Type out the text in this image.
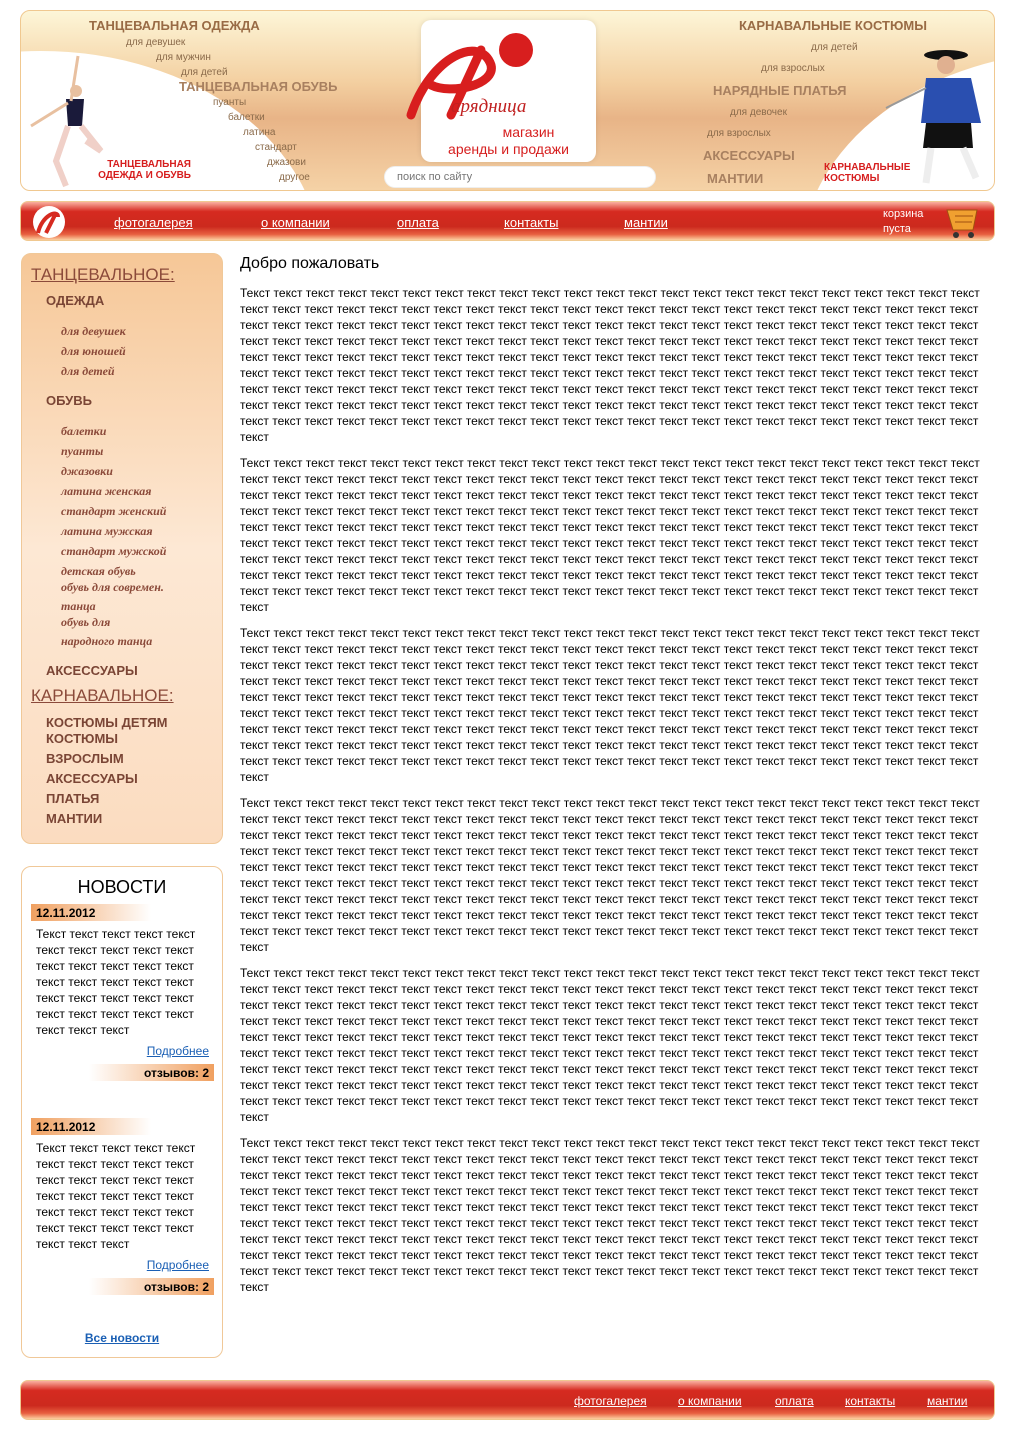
ТАНЦЕВАЛЬНАЯ ОДЕЖДА
для девушек
для мужчин
для детей
ТАНЦЕВАЛЬНАЯ ОБУВЬ
пуанты
балетки
латина
стандарт
джазови
другое
ТАНЦЕВАЛЬНАЯ ОДЕЖДА И ОБУВЬ
арядница
магазин
аренды и продажи
поиск по сайту
КАРНАВАЛЬНЫЕ КОСТЮМЫ
для детей
для взрослых
НАРЯДНЫЕ ПЛАТЬЯ
для девочек
для взрослых
АКСЕССУАРЫ
МАНТИИ
КАРНАВАЛЬНЫЕ КОСТЮМЫ
фотогалерея	о компании	оплата	контакты	мантии
корзина
пуста
ТАНЦЕВАЛЬНОЕ:
ОДЕЖДА
для девушек
для юношей
для детей
ОБУВЬ
балетки
пуанты
джазовки
латина женская
стандарт женский
латина мужская
стандарт мужской
детская обувь
обувь для современ.
танца
обувь для
народного танца
АКСЕССУАРЫ
КАРНАВАЛЬНОЕ:
КОСТЮМЫ ДЕТЯМ
КОСТЮМЫ
ВЗРОСЛЫМ
АКСЕССУАРЫ
ПЛАТЬЯ
МАНТИИ
НОВОСТИ
12.11.2012
Текст текст текст текст текст текст текст текст текст текст текст текст текст текст текст текст текст текст текст текст текст текст текст текст текст текст текст текст текст текст текст текст текст
Подробнее
отзывов: 2
12.11.2012
Текст текст текст текст текст текст текст текст текст текст текст текст текст текст текст текст текст текст текст текст текст текст текст текст текст текст текст текст текст текст текст текст текст
Подробнее
отзывов: 2
Все новости
Добро пожаловать

Текст текст текст текст текст текст текст текст текст текст текст текст текст текст текст текст текст текст текст текст текст текст текст текст текст текст текст текст текст текст текст текст текст текст текст текст текст текст текст текст текст текст текст текст текст текст текст текст текст текст текст текст текст текст текст текст текст текст текст текст текст текст текст текст текст текст текст текст текст текст текст текст текст текст текст текст текст текст текст текст текст текст текст текст текст текст текст текст текст текст текст текст текст текст текст текст текст текст текст текст текст текст текст текст текст текст текст текст текст текст текст текст текст текст текст текст текст текст текст текст текст текст текст текст текст текст текст текст текст текст текст текст текст текст текст текст текст текст текст текст текст текст текст текст текст текст текст текст текст текст текст текст текст текст текст текст текст текст текст текст текст текст текст текст текст текст текст текст текст текст текст текст текст текст текст текст текст текст текст текст текст текст текст текст текст текст текст текст текст текст текст текст текст текст текст текст текст текст текст текст текст текст текст текст текст текст текст текст

Текст текст текст текст текст текст текст текст текст текст текст текст текст текст текст текст текст текст текст текст текст текст текст текст текст текст текст текст текст текст текст текст текст текст текст текст текст текст текст текст текст текст текст текст текст текст текст текст текст текст текст текст текст текст текст текст текст текст текст текст текст текст текст текст текст текст текст текст текст текст текст текст текст текст текст текст текст текст текст текст текст текст текст текст текст текст текст текст текст текст текст текст текст текст текст текст текст текст текст текст текст текст текст текст текст текст текст текст текст текст текст текст текст текст текст текст текст текст текст текст текст текст текст текст текст текст текст текст текст текст текст текст текст текст текст текст текст текст текст текст текст текст текст текст текст текст текст текст текст текст текст текст текст текст текст текст текст текст текст текст текст текст текст текст текст текст текст текст текст текст текст текст текст текст текст текст текст текст текст текст текст текст текст текст текст текст текст текст текст текст текст текст текст текст текст текст текст текст текст текст текст текст текст текст текст текст текст текст

Текст текст текст текст текст текст текст текст текст текст текст текст текст текст текст текст текст текст текст текст текст текст текст текст текст текст текст текст текст текст текст текст текст текст текст текст текст текст текст текст текст текст текст текст текст текст текст текст текст текст текст текст текст текст текст текст текст текст текст текст текст текст текст текст текст текст текст текст текст текст текст текст текст текст текст текст текст текст текст текст текст текст текст текст текст текст текст текст текст текст текст текст текст текст текст текст текст текст текст текст текст текст текст текст текст текст текст текст текст текст текст текст текст текст текст текст текст текст текст текст текст текст текст текст текст текст текст текст текст текст текст текст текст текст текст текст текст текст текст текст текст текст текст текст текст текст текст текст текст текст текст текст текст текст текст текст текст текст текст текст текст текст текст текст текст текст текст текст текст текст текст текст текст текст текст текст текст текст текст текст текст текст текст текст текст текст текст текст текст текст текст текст текст текст текст текст текст текст текст текст текст текст текст текст текст текст текст текст

Текст текст текст текст текст текст текст текст текст текст текст текст текст текст текст текст текст текст текст текст текст текст текст текст текст текст текст текст текст текст текст текст текст текст текст текст текст текст текст текст текст текст текст текст текст текст текст текст текст текст текст текст текст текст текст текст текст текст текст текст текст текст текст текст текст текст текст текст текст текст текст текст текст текст текст текст текст текст текст текст текст текст текст текст текст текст текст текст текст текст текст текст текст текст текст текст текст текст текст текст текст текст текст текст текст текст текст текст текст текст текст текст текст текст текст текст текст текст текст текст текст текст текст текст текст текст текст текст текст текст текст текст текст текст текст текст текст текст текст текст текст текст текст текст текст текст текст текст текст текст текст текст текст текст текст текст текст текст текст текст текст текст текст текст текст текст текст текст текст текст текст текст текст текст текст текст текст текст текст текст текст текст текст текст текст текст текст текст текст текст текст текст текст текст текст текст текст текст текст текст текст текст текст текст текст текст текст текст

Текст текст текст текст текст текст текст текст текст текст текст текст текст текст текст текст текст текст текст текст текст текст текст текст текст текст текст текст текст текст текст текст текст текст текст текст текст текст текст текст текст текст текст текст текст текст текст текст текст текст текст текст текст текст текст текст текст текст текст текст текст текст текст текст текст текст текст текст текст текст текст текст текст текст текст текст текст текст текст текст текст текст текст текст текст текст текст текст текст текст текст текст текст текст текст текст текст текст текст текст текст текст текст текст текст текст текст текст текст текст текст текст текст текст текст текст текст текст текст текст текст текст текст текст текст текст текст текст текст текст текст текст текст текст текст текст текст текст текст текст текст текст текст текст текст текст текст текст текст текст текст текст текст текст текст текст текст текст текст текст текст текст текст текст текст текст текст текст текст текст текст текст текст текст текст текст текст текст текст текст текст текст текст текст текст текст текст текст текст текст текст текст текст текст текст текст текст текст текст текст текст текст текст текст текст текст текст текст

Текст текст текст текст текст текст текст текст текст текст текст текст текст текст текст текст текст текст текст текст текст текст текст текст текст текст текст текст текст текст текст текст текст текст текст текст текст текст текст текст текст текст текст текст текст текст текст текст текст текст текст текст текст текст текст текст текст текст текст текст текст текст текст текст текст текст текст текст текст текст текст текст текст текст текст текст текст текст текст текст текст текст текст текст текст текст текст текст текст текст текст текст текст текст текст текст текст текст текст текст текст текст текст текст текст текст текст текст текст текст текст текст текст текст текст текст текст текст текст текст текст текст текст текст текст текст текст текст текст текст текст текст текст текст текст текст текст текст текст текст текст текст текст текст текст текст текст текст текст текст текст текст текст текст текст текст текст текст текст текст текст текст текст текст текст текст текст текст текст текст текст текст текст текст текст текст текст текст текст текст текст текст текст текст текст текст текст текст текст текст текст текст текст текст текст текст текст текст текст текст текст текст текст текст текст текст текст текст

фотогалерея	о компании	оплата	контакты	мантии
